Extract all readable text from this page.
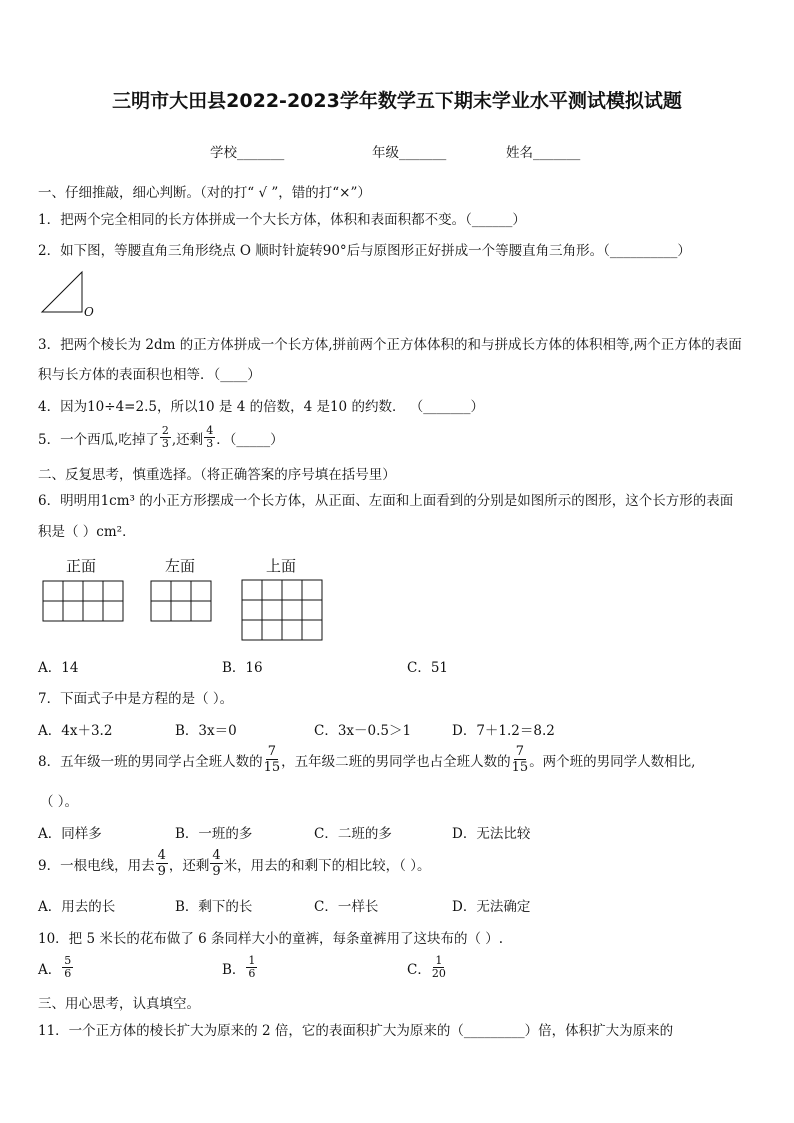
三明市大田县2022-2023学年数学五下期末学业水平测试模拟试题
学校_______	年级_______	姓名_______
一、仔细推敲，细心判断。（对的打“ √ ”，错的打“×”）
1．把两个完全相同的长方体拼成一个大长方体，体积和表面积都不变。（______）
2．如下图，等腰直角三角形绕点 O 顺时针旋转90°后与原图形正好拼成一个等腰直角三角形。（__________）
O
3．把两个棱长为 2dm 的正方体拼成一个长方体,拼前两个正方体体积的和与拼成长方体的体积相等,两个正方体的表面
积与长方体的表面积也相等．（____）
4．因为10÷4=2.5，所以10 是 4 的倍数，4 是10 的约数． （_______）
5．一个西瓜,吃掉了 $\frac{2}{3}$ ,还剩 $\frac{4}{3}$ ．（_____）
二、反复思考，慎重选择。（将正确答案的序号填在括号里）
6．明明用1cm³ 的小正方形摆成一个长方体，从正面、左面和上面看到的分别是如图所示的图形，这个长方形的表面
积是（ ）cm²．
正面	左面	上面
A．14	B．16	C．51
7．下面式子中是方程的是（ ）。
A．4x＋3.2	B．3x＝0	C．3x－0.5＞1	D．7＋1.2＝8.2
8．五年级一班的男同学占全班人数的 $\frac{7}{15}$ ，五年级二班的男同学也占全班人数的 $\frac{7}{15}$ 。两个班的男同学人数相比,
（ ）。
A．同样多	B．一班的多	C．二班的多	D．无法比较
9．一根电线，用去 $\frac{4}{9}$ ，还剩 $\frac{4}{9}$ 米，用去的和剩下的相比较，（ ）。
A．用去的长	B．剩下的长	C．一样长	D．无法确定
10．把 5 米长的花布做了 6 条同样大小的童裤，每条童裤用了这块布的（ ）.
A． $\frac{5}{6}$	B． $\frac{1}{6}$	C． $\frac{1}{20}$
三、用心思考，认真填空。
11．一个正方体的棱长扩大为原来的 2 倍，它的表面积扩大为原来的（_________）倍，体积扩大为原来的
